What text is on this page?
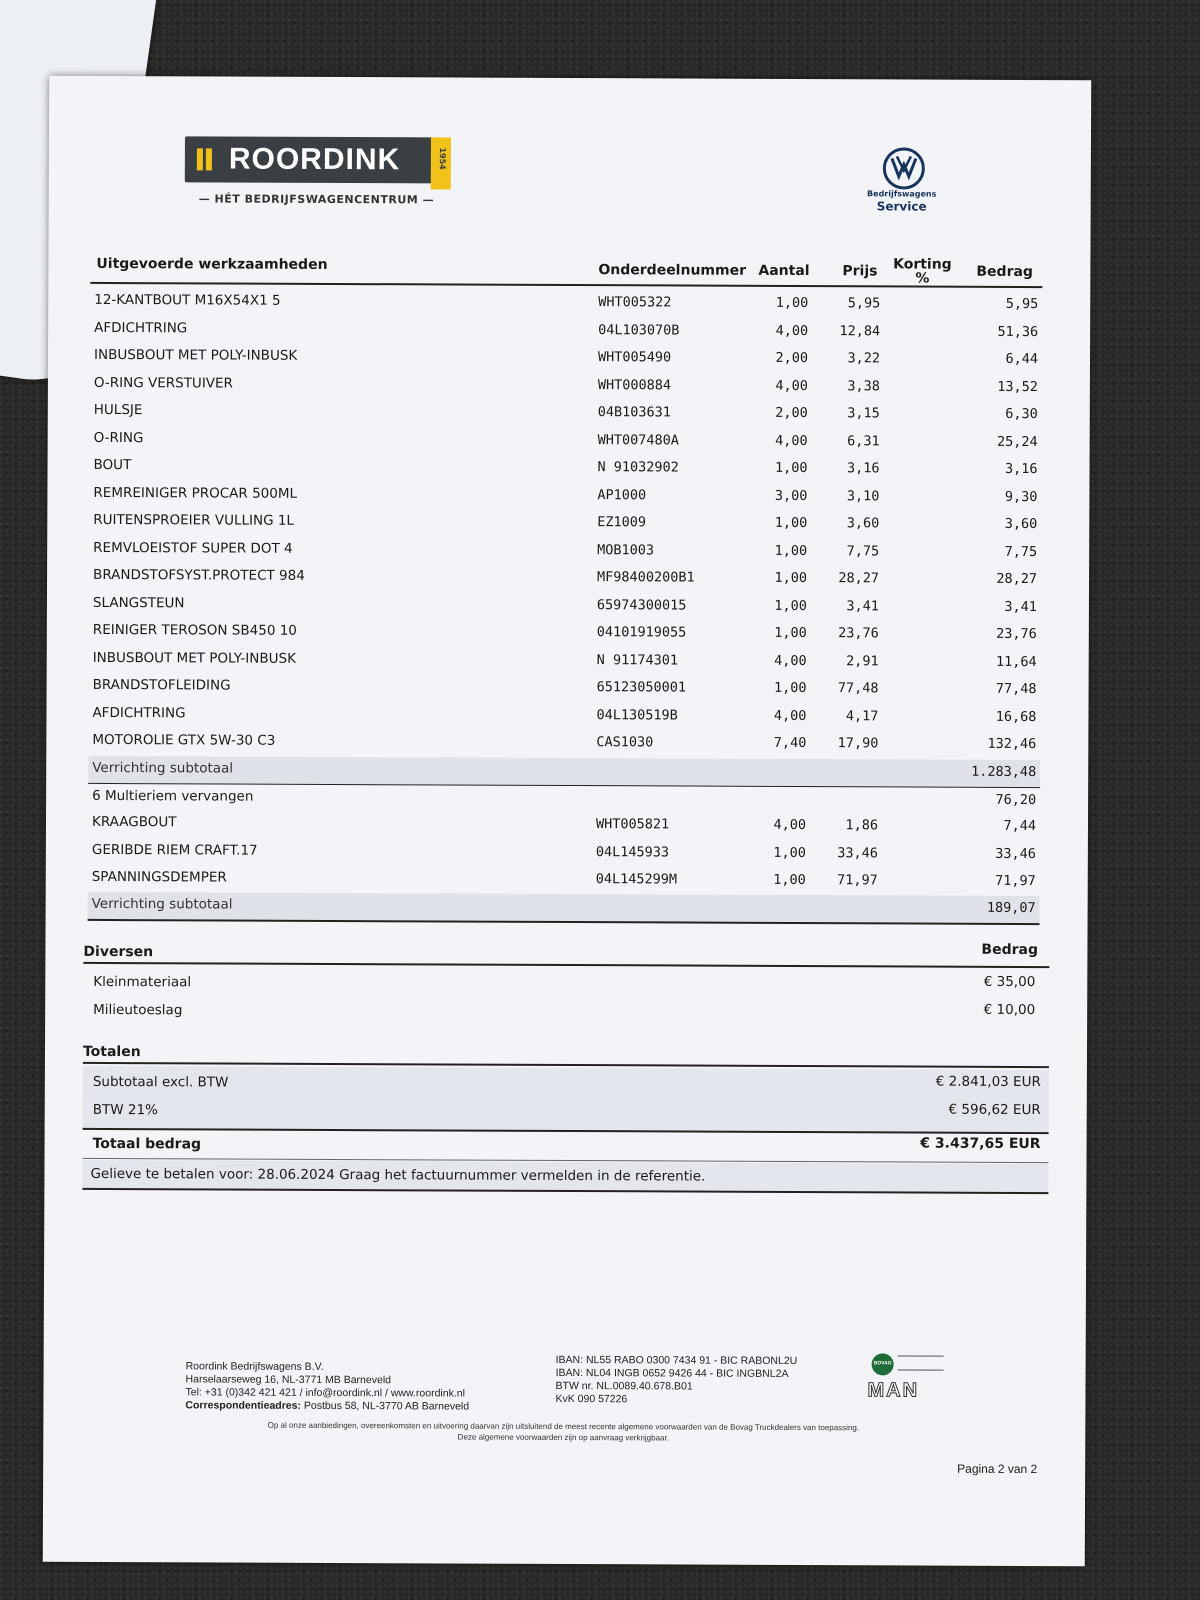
ROORDINK	1954
— HÉT BEDRIJFSWAGENCENTRUM —	Bedrijfswagens
Service
Uitgevoerde werkzaamheden	Onderdeelnummer Aantal Prijs Korting %	Bedrag
12-KANTBOUT M16X54X1 5	WHT005322	1,00	5,95	5,95
AFDICHTRING	04L103070B	4,00	12,84	51,36
INBUSBOUT MET POLY-INBUSK	WHT005490	2,00	3,22	6,44
O-RING VERSTUIVER	WHT000884	4,00	3,38	13,52
HULSJE	04B103631	2,00	3,15	6,30
O-RING	WHT007480A	4,00	6,31	25,24
BOUT	N 91032902	1,00	3,16	3,16
REMREINIGER PROCAR 500ML	AP1000	3,00	3,10	9,30
RUITENSPROEIER VULLING 1L	EZ1009	1,00	3,60	3,60
REMVLOEISTOF SUPER DOT 4	MOB1003	1,00	7,75	7,75
BRANDSTOFSYST.PROTECT 984	MF98400200B1	1,00	28,27	28,27
SLANGSTEUN	65974300015	1,00	3,41	3,41
REINIGER TEROSON SB450 10	04101919055	1,00	23,76	23,76
INBUSBOUT MET POLY-INBUSK	N 91174301	4,00	2,91	11,64
BRANDSTOFLEIDING	65123050001	1,00	77,48	77,48
AFDICHTRING	04L130519B	4,00	4,17	16,68
MOTOROLIE GTX 5W-30 C3	CAS1030	7,40	17,90	132,46
Verrichting subtotaal	1.283,48
6 Multieriem vervangen	76,20
KRAAGBOUT	WHT005821	4,00	1,86	7,44
GERIBDE RIEM CRAFT.17	04L145933	1,00	33,46	33,46
SPANNINGSDEMPER	04L145299M	1,00	71,97	71,97
Verrichting subtotaal	189,07
Diversen	Bedrag
Kleinmateriaal	€ 35,00
Milieutoeslag	€ 10,00
Totalen
Subtotaal excl. BTW	€ 2.841,03 EUR
BTW 21%	€ 596,62 EUR
Totaal bedrag	€ 3.437,65 EUR
Gelieve te betalen voor: 28.06.2024 Graag het factuurnummer vermelden in de referentie.
Roordink Bedrijfswagens B.V.
Harselaarseweg 16, NL-3771 MB Barneveld
Tel: +31 (0)342 421 421 / info@roordink.nl / www.roordink.nl
Correspondentieadres: Postbus 58, NL-3770 AB Barneveld
IBAN: NL55 RABO 0300 7434 91 - BIC RABONL2U
IBAN: NL04 INGB 0652 9426 44 - BIC INGBNL2A
BTW nr. NL.0089.40.678.B01
KvK 090 57226
BOVAG
MAN
Op al onze aanbiedingen, overeenkomsten en uitvoering daarvan zijn uitsluitend de meest recente algemene voorwaarden van de Bovag Truckdealers van toepassing.
Deze algemene voorwaarden zijn op aanvraag verkrijgbaar.
Pagina 2 van 2
